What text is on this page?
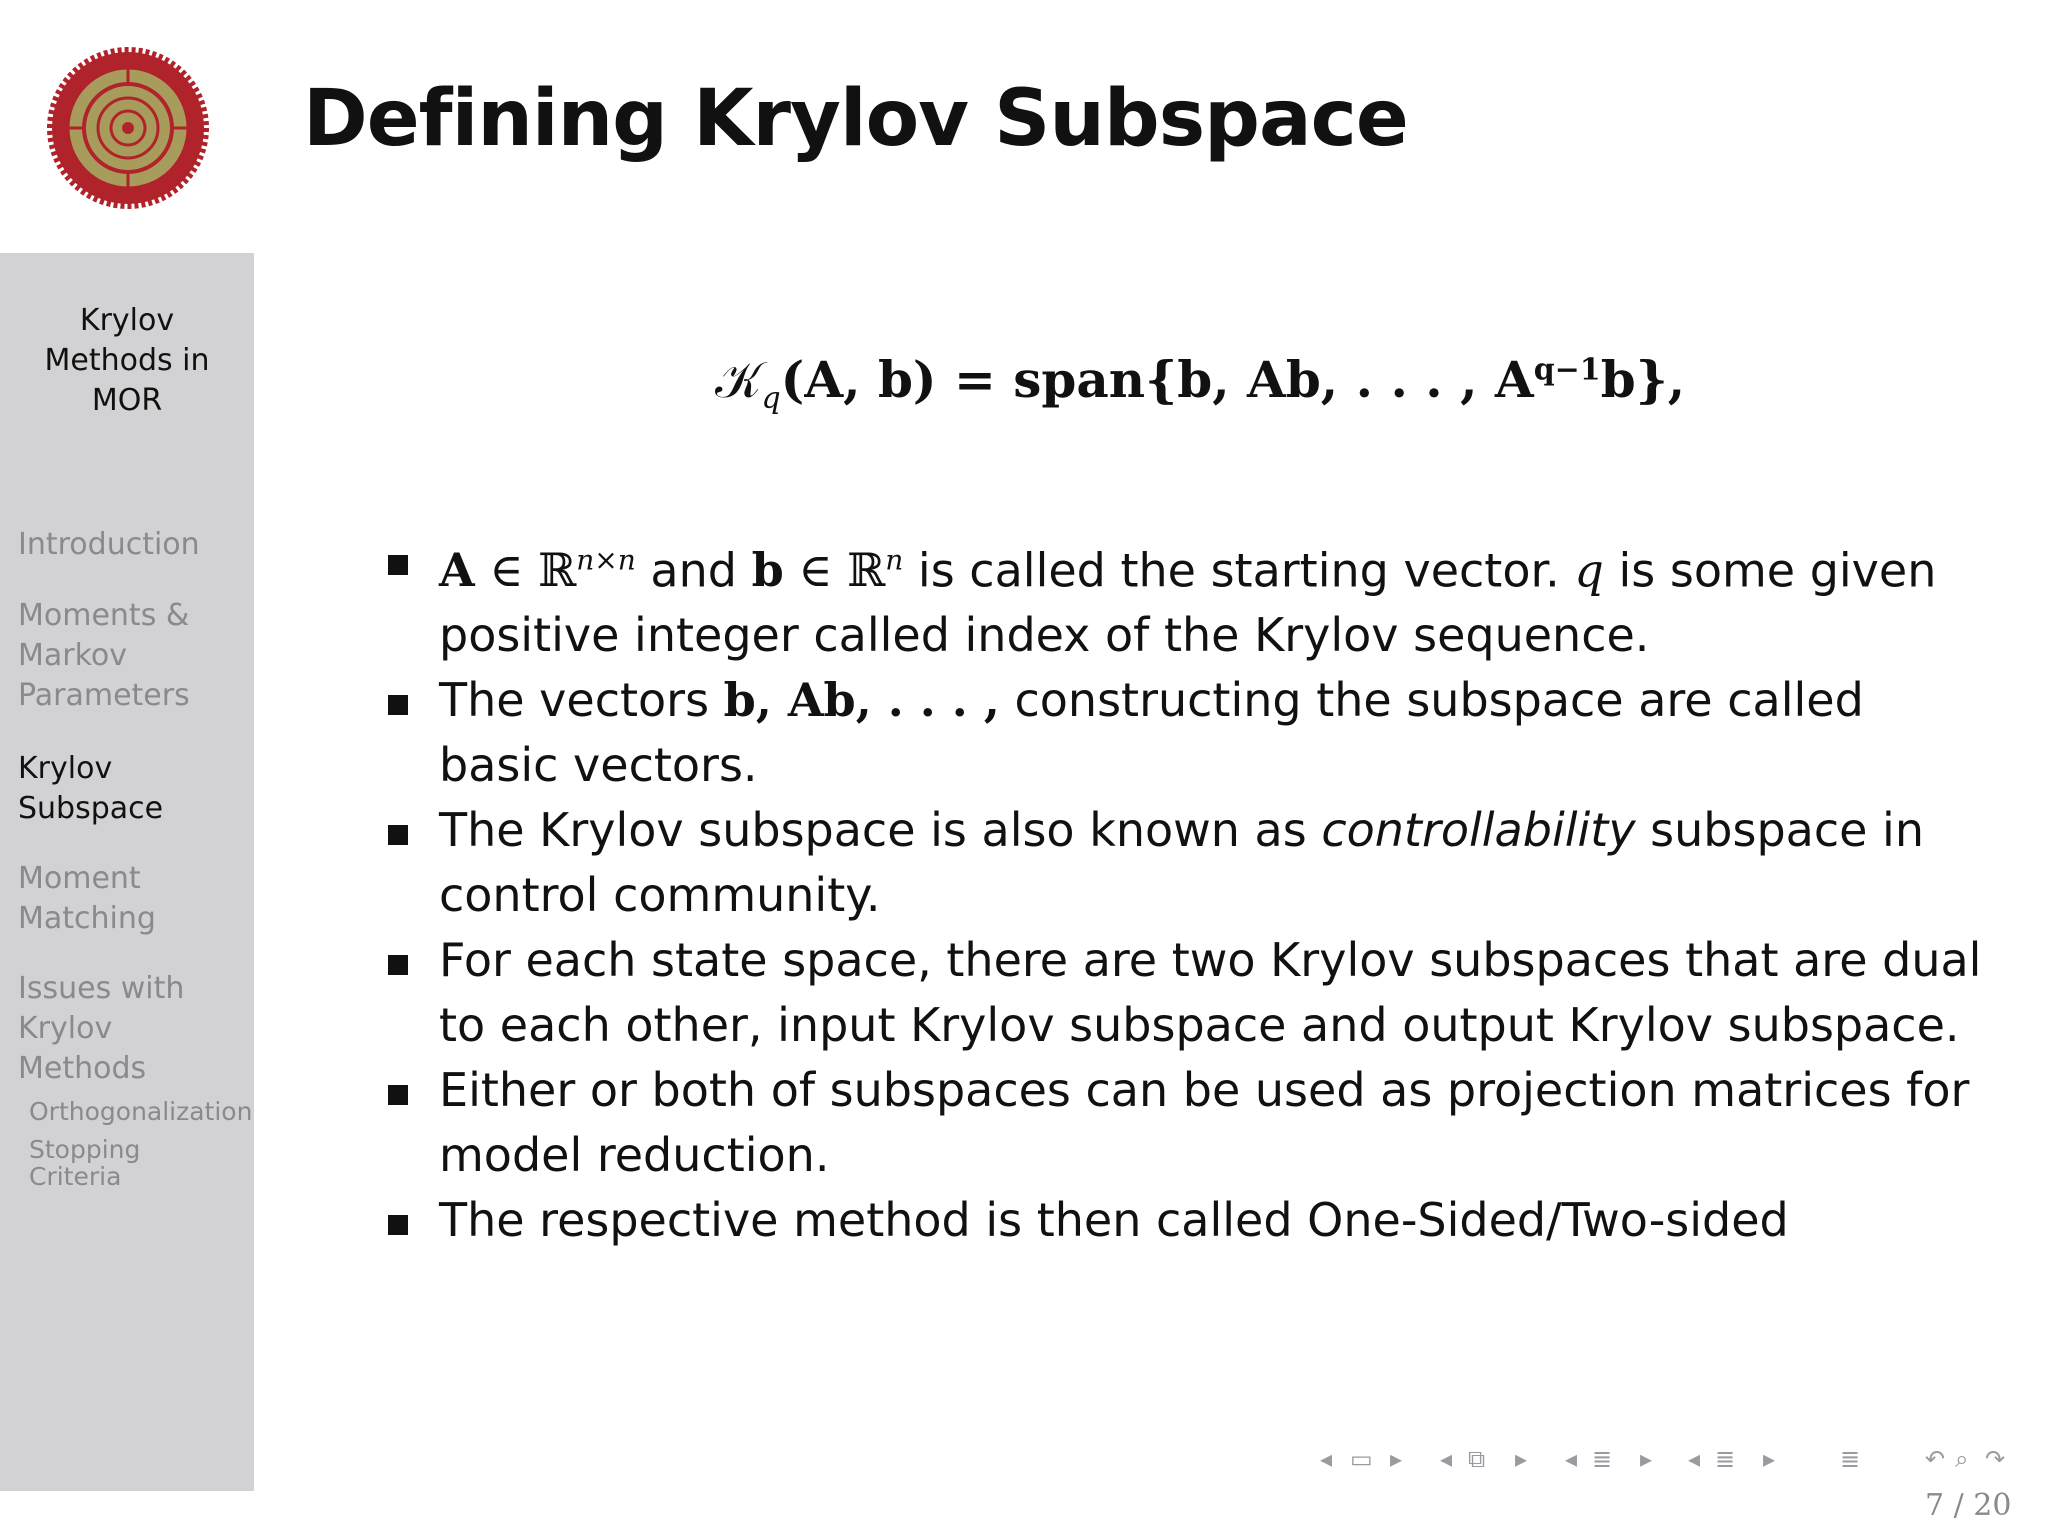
Defining Krylov Subspace
Krylov
Methods in
MOR
Introduction
Moments &
Markov
Parameters
Krylov
Subspace
Moment
Matching
Issues with
Krylov
Methods
Orthogonalization
Stopping
Criteria
𝒦$_q$(A, b) = span{b, Ab, . . . , $A^{q-1}b$},
A ∈ ℝ$^{n\times n}$ and b ∈ ℝ$^n$ is called the starting vector. q is some given positive integer called index of the Krylov sequence.
The vectors b, Ab, . . . , constructing the subspace are called basic vectors.
The Krylov subspace is also known as controllability subspace in control community.
For each state space, there are two Krylov subspaces that are dual to each other, input Krylov subspace and output Krylov subspace.
Either or both of subspaces can be used as projection matrices for model reduction.
The respective method is then called One-Sided/Two-sided
◂ ▭ ▸ ◂ ⧉ ▸ ◂ ≣ ▸ ◂ ≣ ▸	≣	↶ ⌕ ↷
7 / 20
